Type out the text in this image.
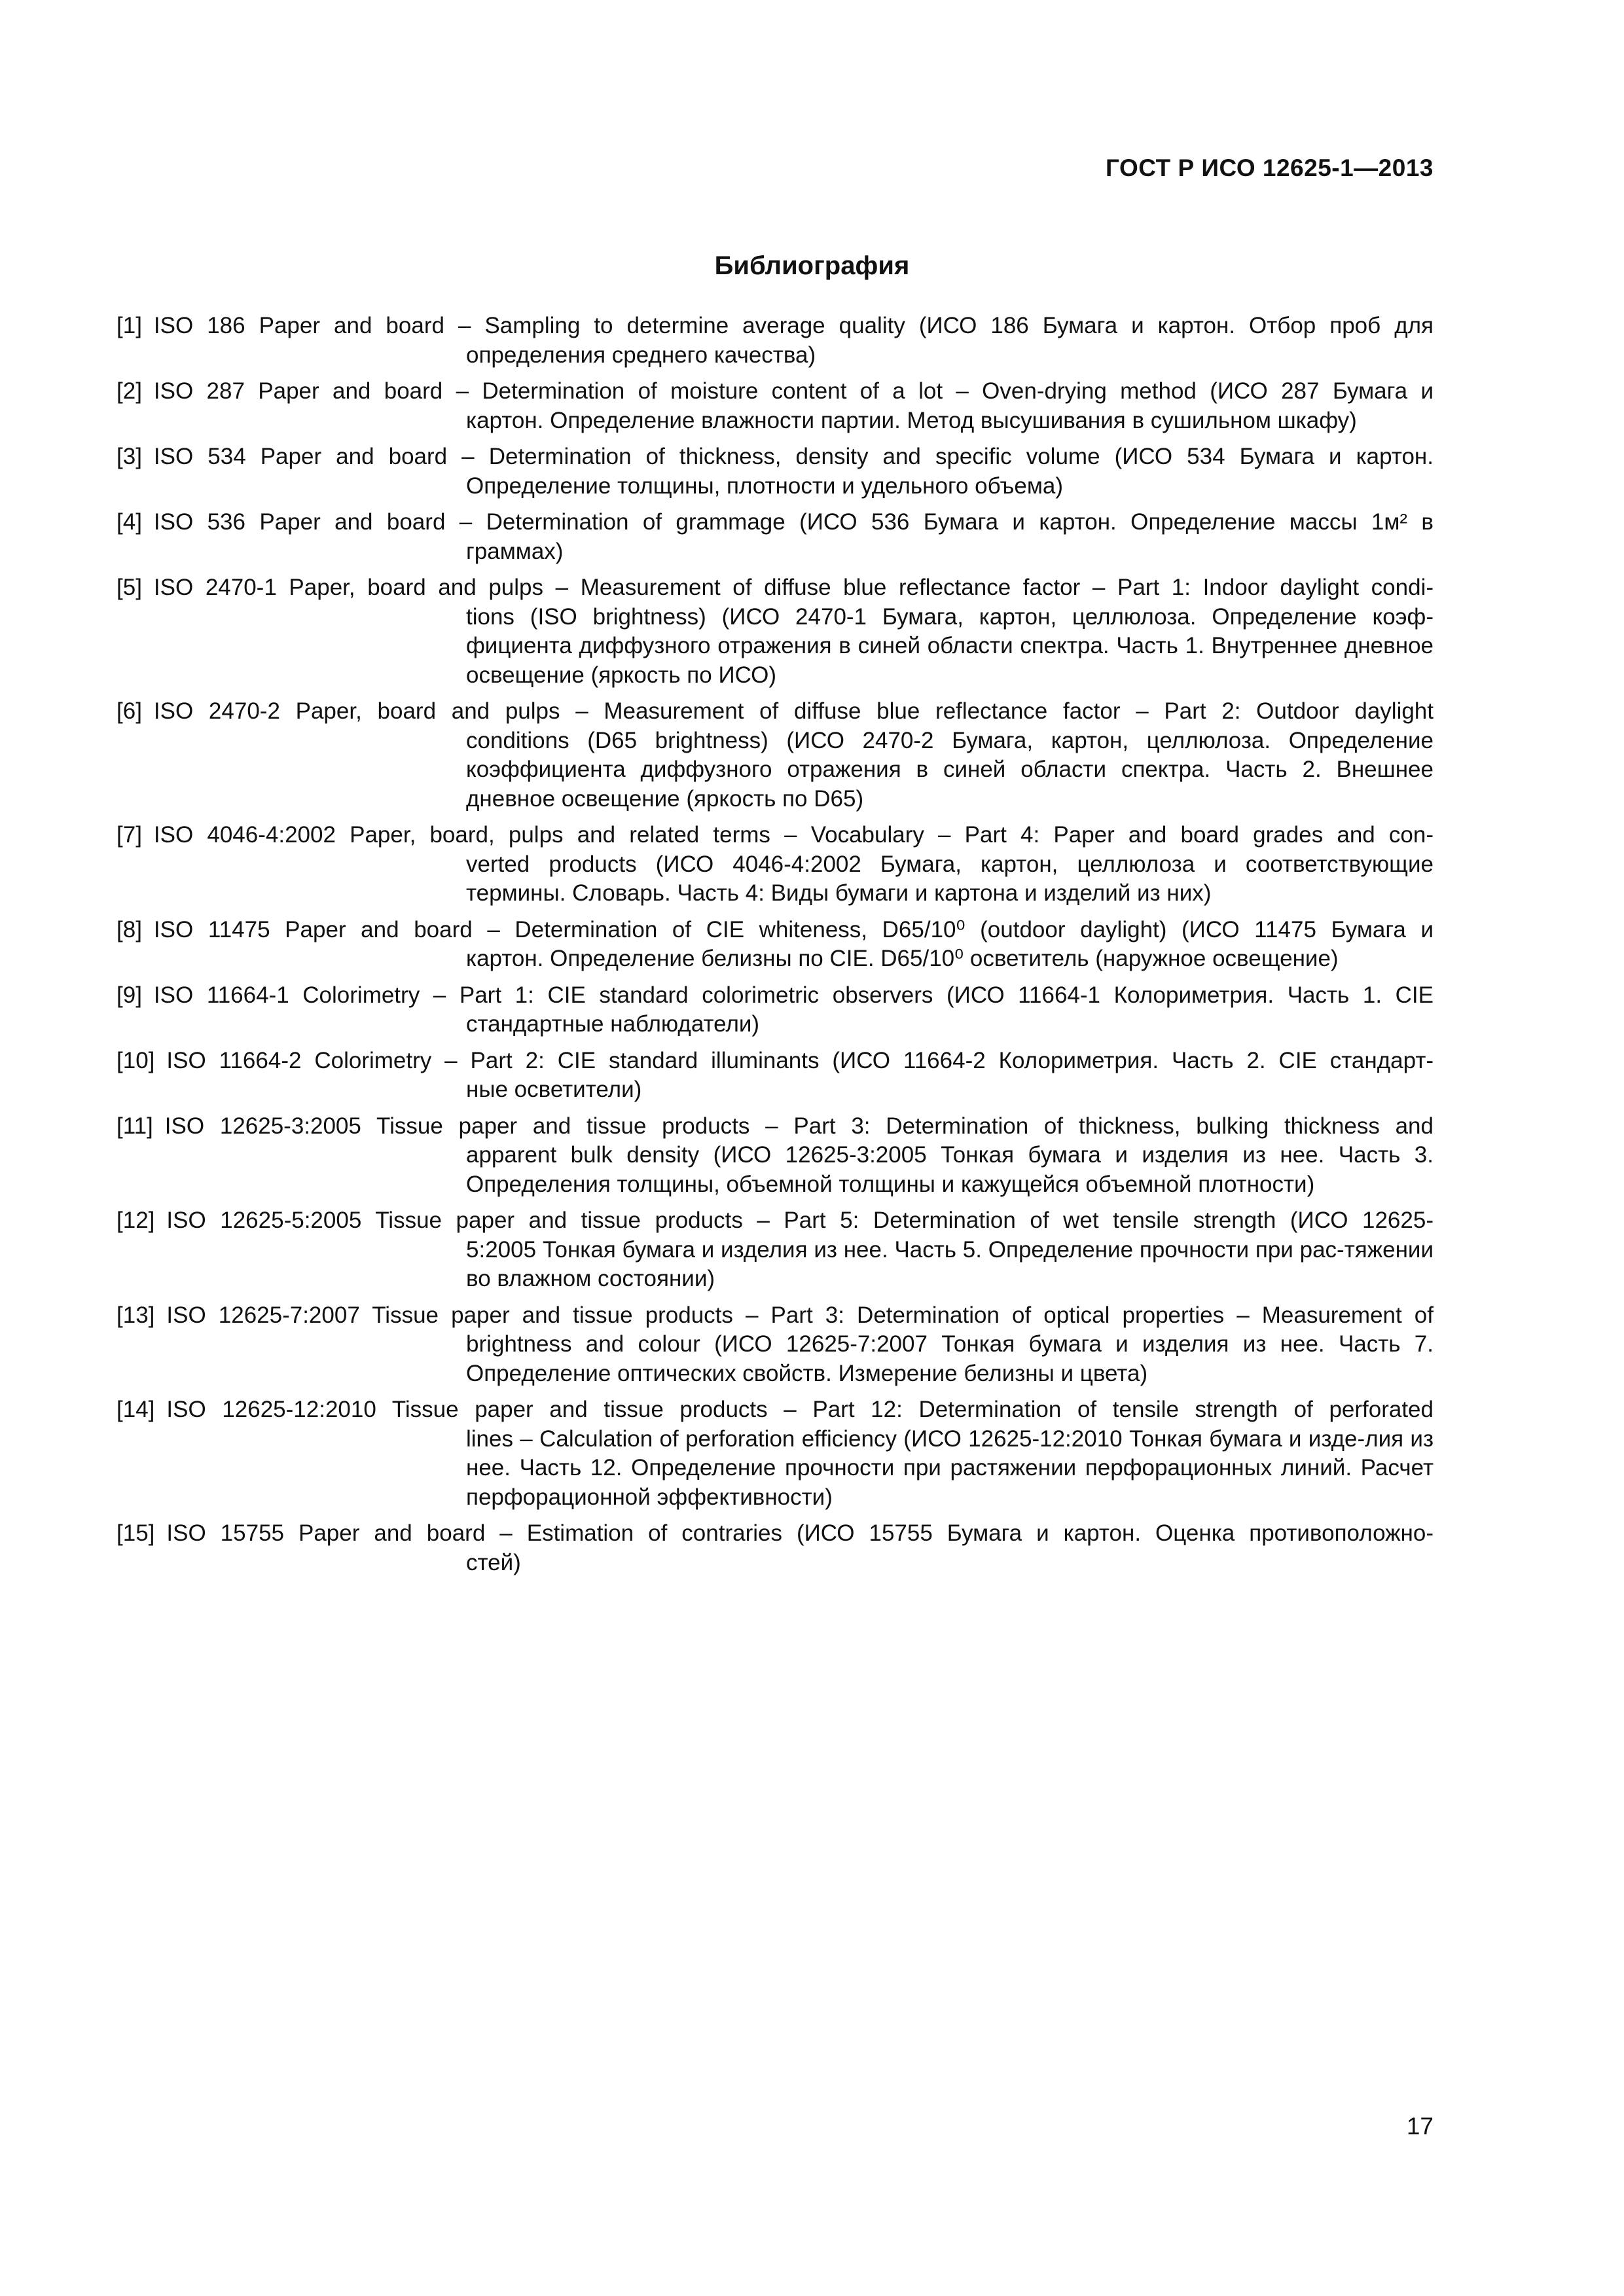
ГОСТ Р ИСО 12625-1—2013
Библиография
[1] ISO 186 Paper and board – Sampling to determine average quality (ИСО 186 Бумага и картон. Отбор проб для
определения среднего качества)
[2] ISO 287 Paper and board – Determination of moisture content of a lot – Oven-drying method (ИСО 287 Бумага и
картон. Определение влажности партии. Метод высушивания в сушильном шкафу)
[3] ISO 534 Paper and board – Determination of thickness, density and specific volume (ИСО 534 Бумага и картон.
Определение толщины, плотности и удельного объема)
[4] ISO 536 Paper and board – Determination of grammage (ИСО 536 Бумага и картон. Определение массы 1м² в
граммах)
[5] ISO 2470-1 Paper, board and pulps – Measurement of diffuse blue reflectance factor – Part 1: Indoor daylight condi-
tions (ISO brightness) (ИСО 2470-1 Бумага, картон, целлюлоза. Определение коэф-фициента диффузного отражения в синей области спектра. Часть 1. Внутреннее дневное освещение (яркость по ИСО)
[6] ISO 2470-2 Paper, board and pulps – Measurement of diffuse blue reflectance factor – Part 2: Outdoor daylight
conditions (D65 brightness) (ИСО 2470-2 Бумага, картон, целлюлоза. Определение коэффициента диффузного отражения в синей области спектра. Часть 2. Внешнее дневное освещение (яркость по D65)
[7] ISO 4046-4:2002 Paper, board, pulps and related terms – Vocabulary – Part 4: Paper and board grades and con-
verted products (ИСО 4046-4:2002 Бумага, картон, целлюлоза и соответствующие термины. Словарь. Часть 4: Виды бумаги и картона и изделий из них)
[8] ISO 11475 Paper and board – Determination of CIE whiteness, D65/10⁰ (outdoor daylight) (ИСО 11475 Бумага и
картон. Определение белизны по CIE. D65/10⁰ осветитель (наружное освещение)
[9] ISO 11664-1 Colorimetry – Part 1: CIE standard colorimetric observers (ИСО 11664-1 Колориметрия. Часть 1. CIE
стандартные наблюдатели)
[10] ISO 11664-2 Colorimetry – Part 2: CIE standard illuminants (ИСО 11664-2 Колориметрия. Часть 2. CIE стандарт-
ные осветители)
[11] ISO 12625-3:2005 Tissue paper and tissue products – Part 3: Determination of thickness, bulking thickness and
apparent bulk density (ИСО 12625-3:2005 Тонкая бумага и изделия из нее. Часть 3. Определения толщины, объемной толщины и кажущейся объемной плотности)
[12] ISO 12625-5:2005 Tissue paper and tissue products – Part 5: Determination of wet tensile strength (ИСО 12625-
5:2005 Тонкая бумага и изделия из нее. Часть 5. Определение прочности при рас-тяжении во влажном состоянии)
[13] ISO 12625-7:2007 Tissue paper and tissue products – Part 3: Determination of optical properties – Measurement of
brightness and colour (ИСО 12625-7:2007 Тонкая бумага и изделия из нее. Часть 7. Определение оптических свойств. Измерение белизны и цвета)
[14] ISO 12625-12:2010 Tissue paper and tissue products – Part 12: Determination of tensile strength of perforated
lines – Calculation of perforation efficiency (ИСО 12625-12:2010 Тонкая бумага и изде-лия из нее. Часть 12. Определение прочности при растяжении перфорационных линий. Расчет перфорационной эффективности)
[15] ISO 15755 Paper and board – Estimation of contraries (ИСО 15755 Бумага и картон. Оценка противоположно-
стей)
17
